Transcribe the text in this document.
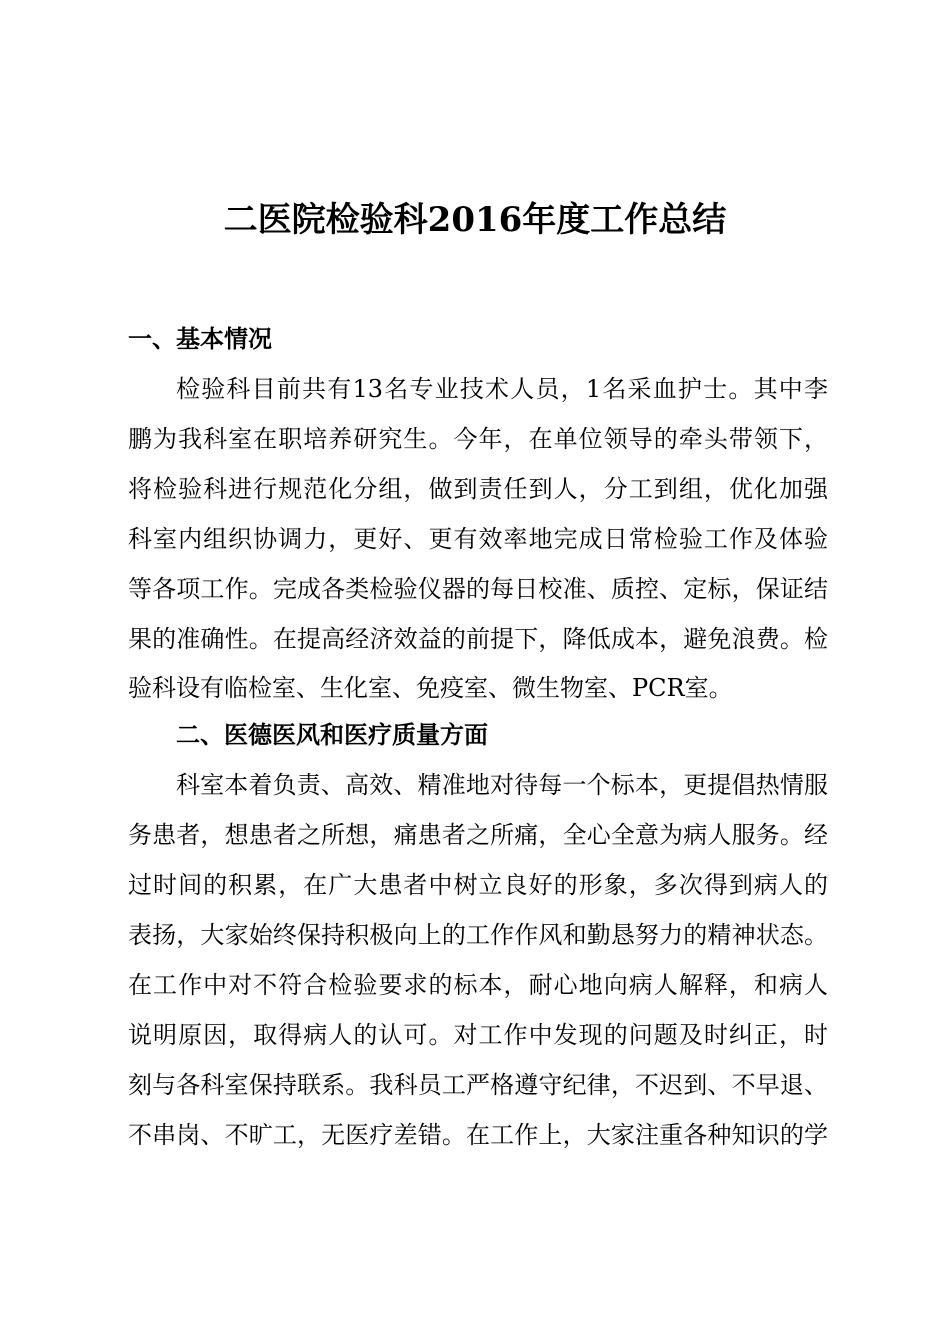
二医院检验科2016年度工作总结
一、基本情况
检验科目前共有13名专业技术人员，1名采血护士。其中李
鹏为我科室在职培养研究生。今年，在单位领导的牵头带领下，
将检验科进行规范化分组，做到责任到人，分工到组，优化加强
科室内组织协调力，更好、更有效率地完成日常检验工作及体验
等各项工作。完成各类检验仪器的每日校准、质控、定标，保证结
果的准确性。在提高经济效益的前提下，降低成本，避免浪费。检
验科设有临检室、生化室、免疫室、微生物室、PCR室。
二、医德医风和医疗质量方面
科室本着负责、高效、精准地对待每一个标本，更提倡热情服
务患者，想患者之所想，痛患者之所痛，全心全意为病人服务。经
过时间的积累，在广大患者中树立良好的形象，多次得到病人的
表扬，大家始终保持积极向上的工作作风和勤恳努力的精神状态。
在工作中对不符合检验要求的标本，耐心地向病人解释，和病人
说明原因，取得病人的认可。对工作中发现的问题及时纠正，时
刻与各科室保持联系。我科员工严格遵守纪律，不迟到、不早退、
不串岗、不旷工，无医疗差错。在工作上，大家注重各种知识的学
